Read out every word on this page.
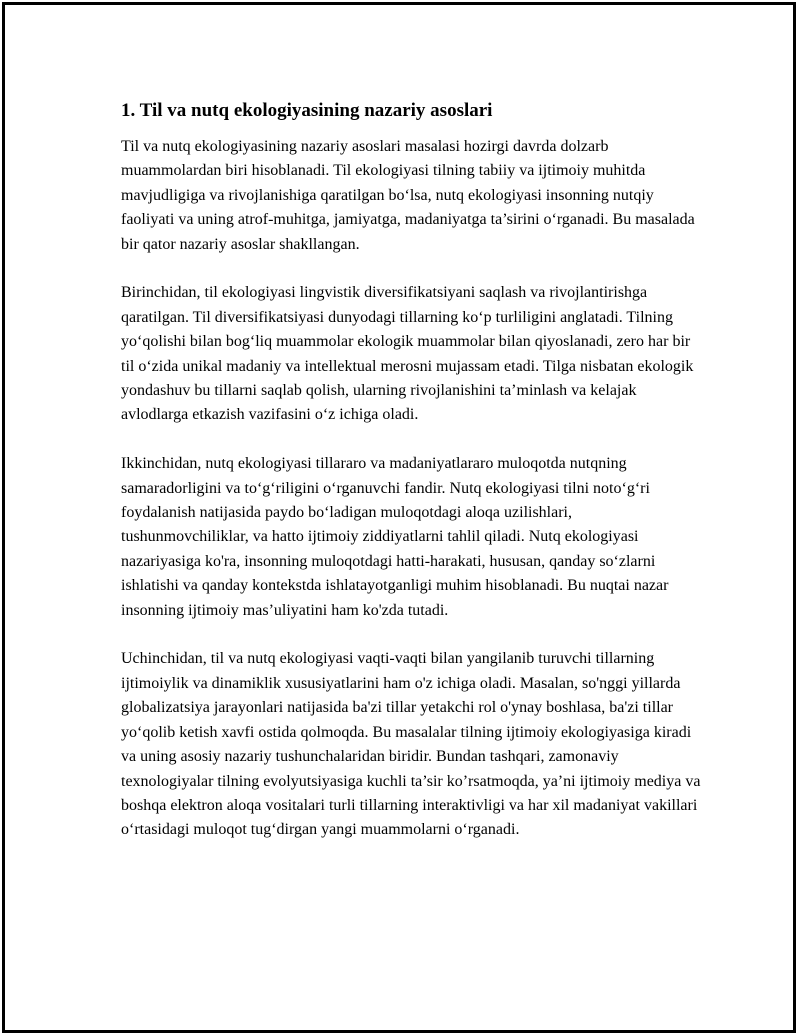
1. Til va nutq ekologiyasining nazariy asoslari

Til va nutq ekologiyasining nazariy asoslari masalasi hozirgi davrda dolzarb muammolardan biri hisoblanadi. Til ekologiyasi tilning tabiiy va ijtimoiy muhitda mavjudligiga va rivojlanishiga qaratilgan bo‘lsa, nutq ekologiyasi insonning nutqiy faoliyati va uning atrof-muhitga, jamiyatga, madaniyatga ta’sirini o‘rganadi. Bu masalada bir qator nazariy asoslar shakllangan.

Birinchidan, til ekologiyasi lingvistik diversifikatsiyani saqlash va rivojlantirishga qaratilgan. Til diversifikatsiyasi dunyodagi tillarning ko‘p turliligini anglatadi. Tilning yo‘qolishi bilan bog‘liq muammolar ekologik muammolar bilan qiyoslanadi, zero har bir til o‘zida unikal madaniy va intellektual merosni mujassam etadi. Tilga nisbatan ekologik yondashuv bu tillarni saqlab qolish, ularning rivojlanishini ta’minlash va kelajak avlodlarga etkazish vazifasini o‘z ichiga oladi.

Ikkinchidan, nutq ekologiyasi tillararo va madaniyatlararo muloqotda nutqning samaradorligini va to‘g‘riligini o‘rganuvchi fandir. Nutq ekologiyasi tilni noto‘g‘ri foydalanish natijasida paydo bo‘ladigan muloqotdagi aloqa uzilishlari, tushunmovchiliklar, va hatto ijtimoiy ziddiyatlarni tahlil qiladi. Nutq ekologiyasi nazariyasiga ko'ra, insonning muloqotdagi hatti-harakati, hususan, qanday so‘zlarni ishlatishi va qanday kontekstda ishlatayotganligi muhim hisoblanadi. Bu nuqtai nazar insonning ijtimoiy mas’uliyatini ham ko'zda tutadi.

Uchinchidan, til va nutq ekologiyasi vaqti-vaqti bilan yangilanib turuvchi tillarning ijtimoiylik va dinamiklik xususiyatlarini ham o'z ichiga oladi. Masalan, so'nggi yillarda globalizatsiya jarayonlari natijasida ba'zi tillar yetakchi rol o'ynay boshlasa, ba'zi tillar yo‘qolib ketish xavfi ostida qolmoqda. Bu masalalar tilning ijtimoiy ekologiyasiga kiradi va uning asosiy nazariy tushunchalaridan biridir. Bundan tashqari, zamonaviy texnologiyalar tilning evolyutsiyasiga kuchli ta’sir ko’rsatmoqda, ya’ni ijtimoiy mediya va boshqa elektron aloqa vositalari turli tillarning interaktivligi va har xil madaniyat vakillari o‘rtasidagi muloqot tug‘dirgan yangi muammolarni o‘rganadi.
